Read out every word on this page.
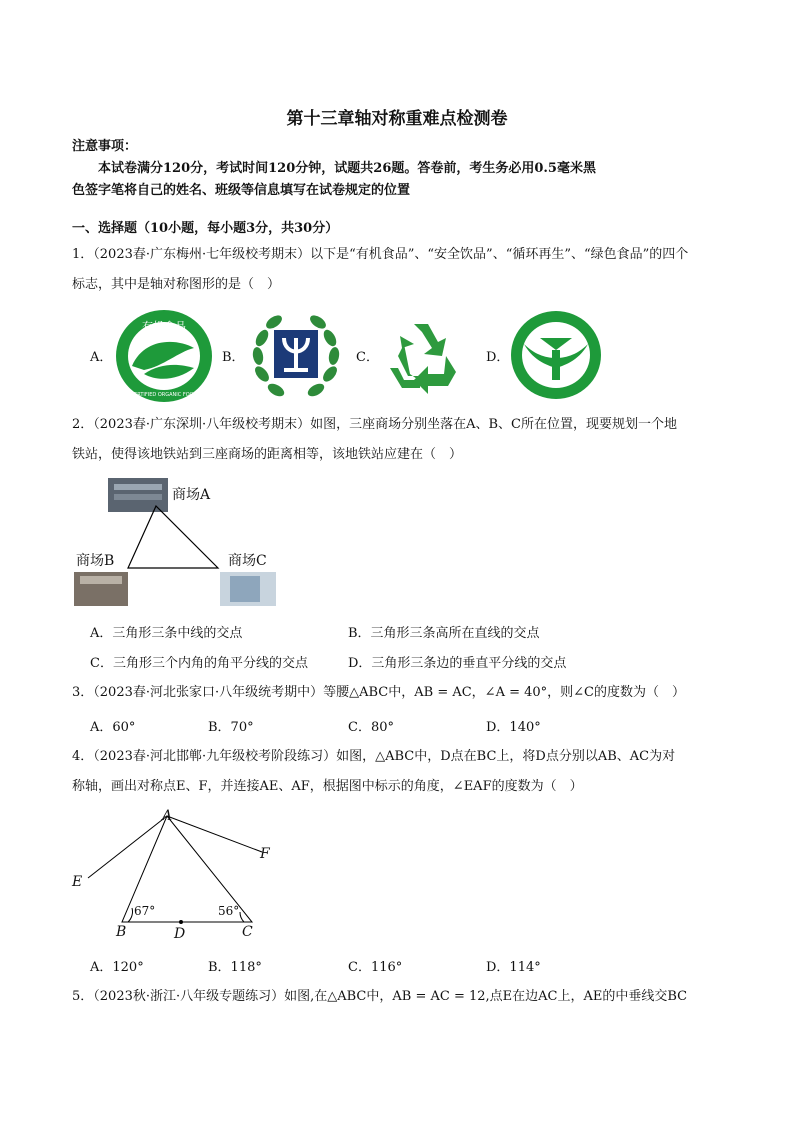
第十三章轴对称重难点检测卷
注意事项：
本试卷满分120分，考试时间120分钟，试题共26题。答卷前，考生务必用0.5毫米黑
色签字笔将自己的姓名、班级等信息填写在试卷规定的位置
一、选择题（10小题，每小题3分，共30分）
1．（2023春·广东梅州·七年级校考期末）以下是“有机食品”、“安全饮品”、“循环再生”、“绿色食品”的四个
标志，其中是轴对称图形的是（　）
A．	B．	C．	D．
有机食品
CERTIFIED ORGANIC FOOD
2．（2023春·广东深圳·八年级校考期末）如图，三座商场分别坐落在A、B、C所在位置，现要规划一个地
铁站，使得该地铁站到三座商场的距离相等，该地铁站应建在（　）
商场A
商场B	商场C
A．三角形三条中线的交点	B．三角形三条高所在直线的交点
C．三角形三个内角的角平分线的交点	D．三角形三条边的垂直平分线的交点
3．（2023春·河北张家口·八年级统考期中）等腰△ABC中，AB = AC，∠A = 40°，则∠C的度数为（　）
A．60°	B．70°	C．80°	D．140°
4．（2023春·河北邯郸·九年级校考阶段练习）如图，△ABC中，D点在BC上，将D点分别以AB、AC为对
称轴，画出对称点E、F，并连接AE、AF，根据图中标示的角度，∠EAF的度数为（　）
A
F
E
67°	56°
B	D	C
A．120°	B．118°	C．116°	D．114°
5．（2023秋·浙江·八年级专题练习）如图,在△ABC中，AB = AC = 12,点E在边AC上，AE的中垂线交BC
